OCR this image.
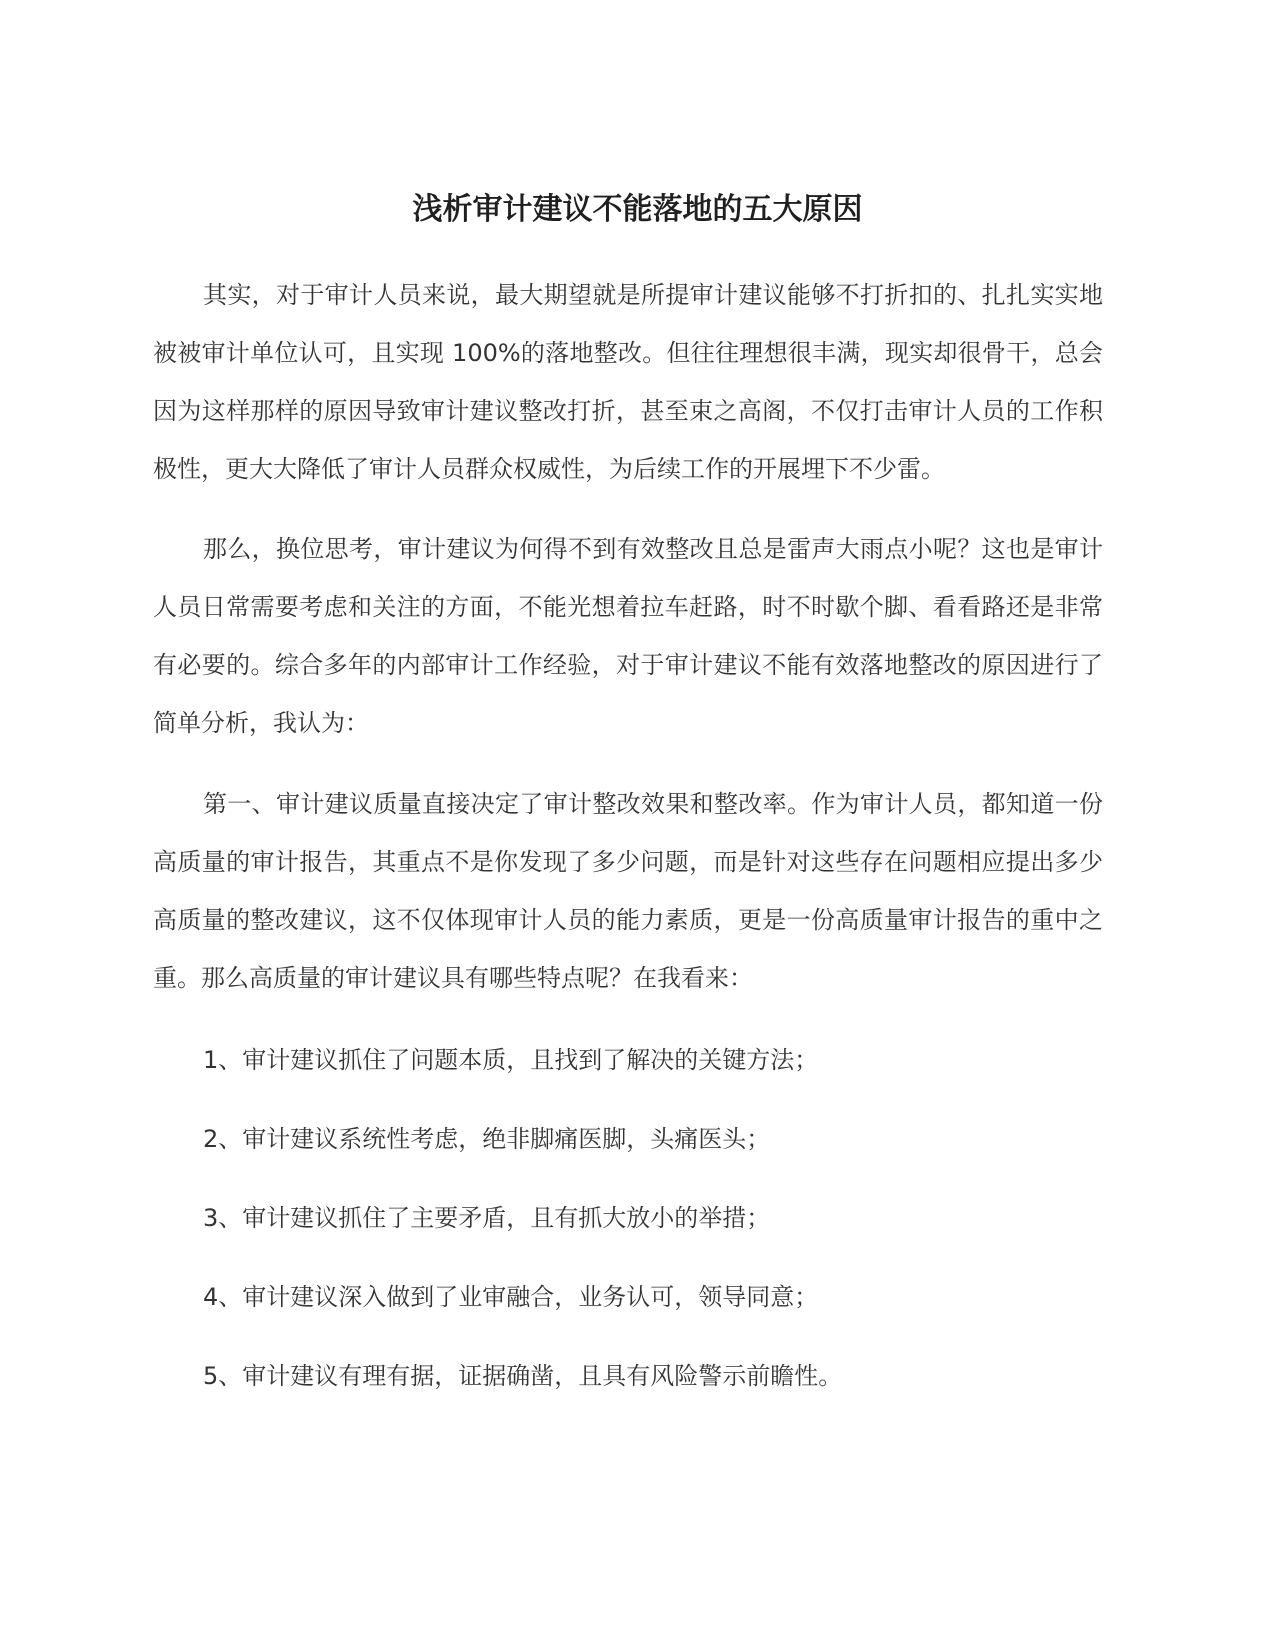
浅析审计建议不能落地的五大原因

其实，对于审计人员来说，最大期望就是所提审计建议能够不打折扣的、扎扎实实地被被审计单位认可，且实现 100%的落地整改。但往往理想很丰满，现实却很骨干，总会因为这样那样的原因导致审计建议整改打折，甚至束之高阁，不仅打击审计人员的工作积极性，更大大降低了审计人员群众权威性，为后续工作的开展埋下不少雷。

那么，换位思考，审计建议为何得不到有效整改且总是雷声大雨点小呢？这也是审计人员日常需要考虑和关注的方面，不能光想着拉车赶路，时不时歇个脚、看看路还是非常有必要的。综合多年的内部审计工作经验，对于审计建议不能有效落地整改的原因进行了简单分析，我认为：

第一、审计建议质量直接决定了审计整改效果和整改率。作为审计人员，都知道一份高质量的审计报告，其重点不是你发现了多少问题，而是针对这些存在问题相应提出多少高质量的整改建议，这不仅体现审计人员的能力素质，更是一份高质量审计报告的重中之重。那么高质量的审计建议具有哪些特点呢？在我看来：

1、审计建议抓住了问题本质，且找到了解决的关键方法；

2、审计建议系统性考虑，绝非脚痛医脚，头痛医头；

3、审计建议抓住了主要矛盾，且有抓大放小的举措；

4、审计建议深入做到了业审融合，业务认可，领导同意；

5、审计建议有理有据，证据确凿，且具有风险警示前瞻性。
